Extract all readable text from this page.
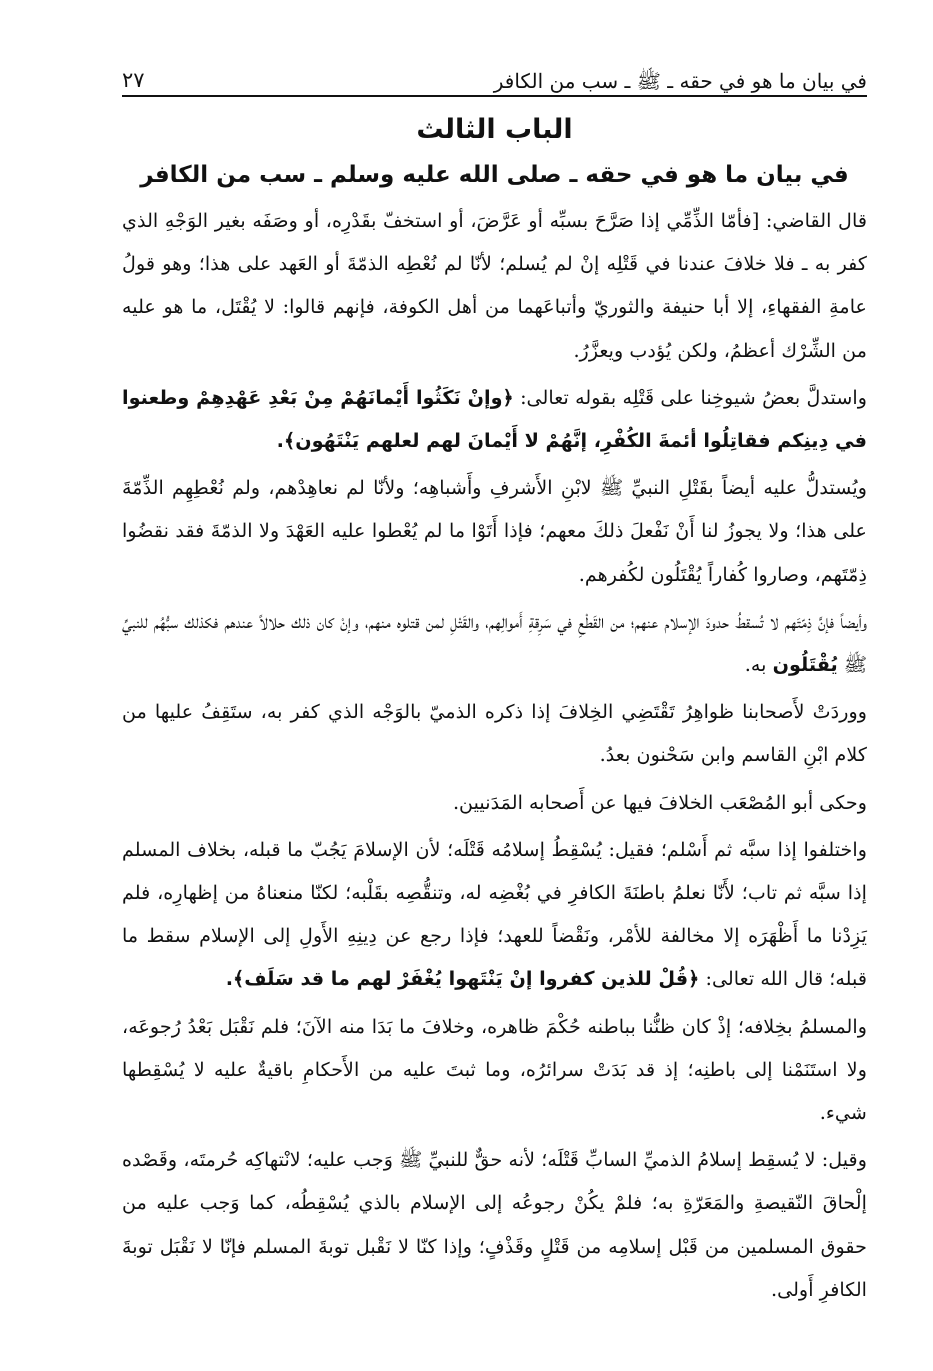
في بيان ما هو في حقه ـ ﷺ ـ سب من الكافر
٢٧
الباب الثالث
في بيان ما هو في حقه ـ صلى الله عليه وسلم ـ سب من الكافر

قال القاضي: [فأمّا الذِّمِّي إذا صَرَّحَ بسبِّه أو عَرَّضَ، أو استخفّ بقَدْرِه، أو وصَفَه بغير الوَجْهِ الذي كفر به ـ فلا خلافَ عندنا في قَتْلِه إنْ لم يُسلم؛ لأنّا لم نُعْطِه الذمّةَ أو العَهد على هذا؛ وهو قولُ عامةِ الفقهاءِ، إلا أبا حنيفة والثوريّ وأتباعَهما من أهل الكوفة، فإنهم قالوا: لا يُقْتَل، ما هو عليه من الشِّرْك أعظمُ، ولكن يُؤدب ويعزَّرُ.

واستدلَّ بعضُ شيوخِنا على قَتْلِه بقوله تعالى: ﴿وإنْ نَكَثُوا أَيْمانَهُمْ مِنْ بَعْدِ عَهْدِهِمْ وطعنوا في دِينِكم فقاتِلُوا أئمةَ الكُفْرِ، إنَّهُمْ لا أَيْمانَ لهم لعلهم يَنْتَهُون﴾.

ويُستدلُّ عليه أيضاً بقَتْلِ النبيِّ ﷺ لابْنِ الأَشرفِ وأَشباهِه؛ ولأنّا لم نعاهِدْهم، ولم نُعْطِهِم الذِّمّةَ على هذا؛ ولا يجوزُ لنا أَنْ نَفْعلَ ذلكَ معهم؛ فإذا أَتَوْا ما لم يُعْطوا عليه العَهْدَ ولا الذمّةَ فقد نقضُوا ذِمّتَهم، وصاروا كُفاراً يُقْتَلُون لكُفرهم.

وأيضاً فإنَّ ذِمّتَهم لا تُسقطُ حدودَ الإسلام عنهم؛ من القَطْعِ في سَرِقةِ أَموالِهم، والقَتْلِ لمن قتلوه منهم، وإنْ كان ذلك حلالاً عندهم فكذلك سبُّهُم للنبيِّ ﷺ يُقْتَلُون به.

ووردَتْ لأَصحابنا ظواهِرُ تَقْتَضِي الخِلافَ إذا ذكره الذميّ بالوَجْه الذي كفر به، ستَقِفُ عليها من كلام ابْنِ القاسم وابن سَحْنون بعدُ.

وحكى أبو المُصْعَب الخلافَ فيها عن أَصحابه المَدَنيين.

واختلفوا إذا سبَّه ثم أَسْلم؛ فقيل: يُسْقِطُ إسلامُه قَتْلَه؛ لأن الإسلامَ يَجُبّ ما قبله، بخلاف المسلم إذا سبَّه ثم تاب؛ لأَنّا نعلمُ باطنَةَ الكافرِ في بُغْضِه له، وتنقُّصِه بقَلْبه؛ لكنّا منعناهُ من إظهارِه، فلم يَزِدْنا ما أَظْهَرَه إلا مخالفة للأمْر، ونَقْضاً للعهد؛ فإذا رجع عن دِينِهِ الأَولِ إلى الإسلام سقط ما قبله؛ قال الله تعالى: ﴿قُلْ للذين كفروا إنْ يَنْتَهوا يُغْفَرْ لهم ما قد سَلَف﴾.

والمسلمُ بخِلافه؛ إذْ كان ظنُّنا بباطنه حُكْمَ ظاهره، وخلافَ ما بَدَا منه الآنَ؛ فلم نَقْبَل بَعْدُ رُجوعَه، ولا استَنَمْنا إلى باطنِه؛ إذ قد بَدَتْ سرائرُه، وما ثبتَ عليه من الأَحكامِ باقيةٌ عليه لا يُسْقِطها شيء.

وقيل: لا يُسقِط إسلامُ الذميِّ السابِّ قَتْلَه؛ لأنه حقٌّ للنبيِّ ﷺ وَجب عليه؛ لانْتهاكِه حُرمتَه، وقَصْده إلْحاقَ النّقيصةِ والمَعَرّةِ به؛ فلمْ يكُنْ رجوعُه إلى الإسلام بالذي يُسْقِطُه، كما وَجب عليه من حقوق المسلمين من قَبْل إسلامِه من قَتْلٍ وقَذْفٍ؛ وإذا كنّا لا نَقْبل توبةَ المسلم فإنّا لا نَقْبَل توبةَ الكافرِ أَولى.
